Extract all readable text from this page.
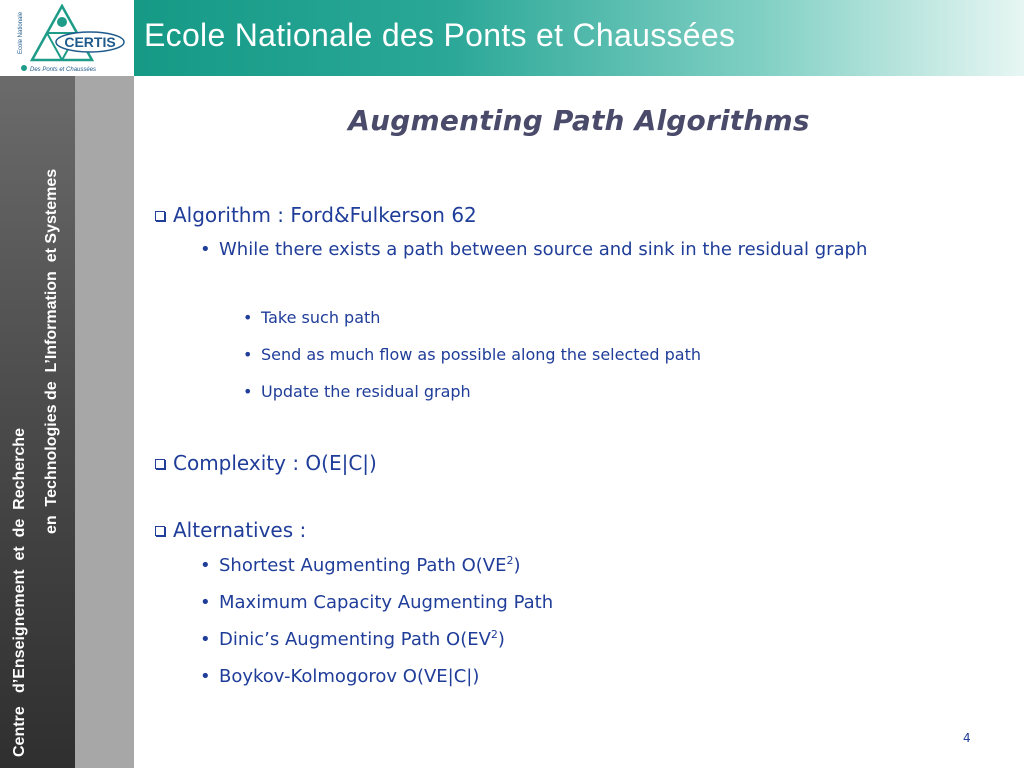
CERTIS
Ecole Nationale
Des Ponts et Chaussées
Ecole Nationale des Ponts et Chaussées
Centre   d’Enseignement  et  de  Recherche
en  Technologies de  L’Information  et Systemes
Augmenting Path Algorithms
Algorithm : Ford&Fulkerson 62
• While there exists a path between source and sink in the residual graph
• Take such path
• Send as much flow as possible along the selected path
• Update the residual graph
Complexity : O(E|C|)
Alternatives :
• Shortest Augmenting Path $O(VE^2)$
• Maximum Capacity Augmenting Path
• Dinic’s Augmenting Path $O(EV^2)$
• Boykov-Kolmogorov O(VE|C|)
4
